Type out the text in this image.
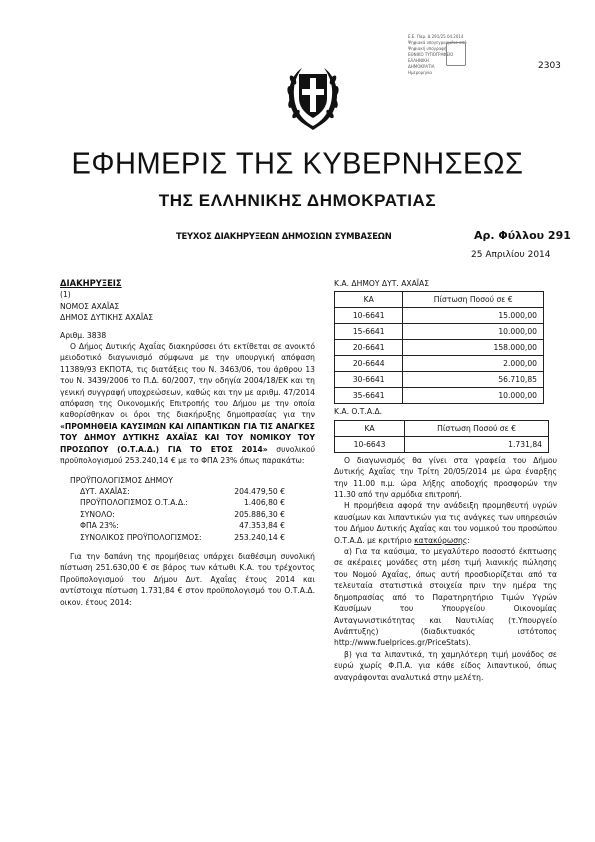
Ε.Ε. Παρ. Δ 291/25.04.2014
Ψηφιακά υπογεγραμμένο από
Ψηφιακή υπογραφή
ΕΘΝΙΚΟ ΤΥΠΟΓΡΑΦΕΙΟ
ΕΛΛΗΝΙΚΗ
ΔΗΜΟΚΡΑΤΙΑ
Ημερομηνία
2303
ΕΦΗΜΕΡΙΣ ΤΗΣ ΚΥΒΕΡΝΗΣΕΩΣ
ΤΗΣ ΕΛΛΗΝΙΚΗΣ ΔΗΜΟΚΡΑΤΙΑΣ
ΤΕΥΧΟΣ ΔΙΑΚΗΡΥΞΕΩΝ ΔΗΜΟΣΙΩΝ ΣΥΜΒΑΣΕΩΝ	Αρ. Φύλλου 291
25 Απριλίου 2014

ΔΙΑΚΗΡΥΞΕΙΣ

(1)

ΝΟΜΟΣ ΑΧΑΪΑΣ

ΔΗΜΟΣ ΔΥΤΙΚΗΣ ΑΧΑΪΑΣ

Αριθμ. 3838

Ο Δήμος Δυτικής Αχαΐας διακηρύσσει ότι εκτίθεται σε ανοικτό μειοδοτικό διαγωνισμό σύμφωνα με την υπουργική απόφαση 11389/93 ΕΚΠΟΤΑ, τις διατάξεις του Ν. 3463/06, του άρθρου 13 του Ν. 3439/2006 το Π.Δ. 60/2007, την οδηγία 2004/18/ΕΚ και τη γενική συγγραφή υποχρεώσεων, καθώς και την με αριθμ. 47/2014 απόφαση της Οικονομικής Επιτροπής του Δήμου με την οποία καθορίσθηκαν οι όροι της διακήρυξης δημοπρασίας για την «ΠΡΟΜΗΘΕΙΑ ΚΑΥΣΙΜΩΝ ΚΑΙ ΛΙΠΑΝΤΙΚΩΝ ΓΙΑ ΤΙΣ ΑΝΑΓΚΕΣ ΤΟΥ ΔΗΜΟΥ ΔΥΤΙΚΗΣ ΑΧΑΪΑΣ ΚΑΙ ΤΟΥ ΝΟΜΙΚΟΥ ΤΟΥ ΠΡΟΣΩΠΟΥ (Ο.Τ.Α.Δ.) ΓΙΑ ΤΟ ΕΤΟΣ 2014» συνολικού προϋπολογισμού 253.240,14 € με το ΦΠΑ 23% όπως παρακάτω:

ΠΡΟΫΠΟΛΟΓΙΣΜΟΣ ΔΗΜΟΥ

ΔΥΤ. ΑΧΑΪΑΣ:	204.479,50 €
ΠΡΟΫΠΟΛΟΓΙΣΜΟΣ Ο.Τ.Α.Δ.:	1.406,80 €
ΣΥΝΟΛΟ:	205.886,30 €
ΦΠΑ 23%:	47.353,84 €
ΣΥΝΟΛΙΚΟΣ ΠΡΟΫΠΟΛΟΓΙΣΜΟΣ:	253.240,14 €

Για την δαπάνη της προμήθειας υπάρχει διαθέσιμη συνολική πίστωση 251.630,00 € σε βάρος των κάτωθι Κ.Α. του τρέχοντος Προϋπολογισμού του Δήμου Δυτ. Αχαΐας έτους 2014 και αντίστοιχα πίστωση 1.731,84 € στον προϋπολογισμό του Ο.Τ.Α.Δ. οικον. έτους 2014:

Κ.Α. ΔΗΜΟΥ ΔΥΤ. ΑΧΑΪΑΣ

ΚΑ	Πίστωση Ποσού σε €
10-6641	15.000,00
15-6641	10.000,00
20-6641	158.000,00
20-6644	2.000,00
30-6641	56.710,85
35-6641	10.000,00

Κ.Α. Ο.Τ.Α.Δ.

ΚΑ	Πίστωση Ποσού σε €
10-6643	1.731,84

Ο διαγωνισμός θα γίνει στα γραφεία του Δήμου Δυτικής Αχαΐας την Τρίτη 20/05/2014 με ώρα έναρξης την 11.00 π.μ. ώρα λήξης αποδοχής προσφορών την 11.30 από την αρμόδια επιτροπή.

Η προμήθεια αφορά την ανάδειξη προμηθευτή υγρών καυσίμων και λιπαντικών για τις ανάγκες των υπηρεσιών του Δήμου Δυτικής Αχαΐας και του νομικού του προσώπου Ο.Τ.Α.Δ. με κριτήριο κατακύρωσης:

α) Για τα καύσιμα, το μεγαλύτερο ποσοστό έκπτωσης σε ακέραιες μονάδες στη μέση τιμή λιανικής πώλησης του Νομού Αχαΐας, όπως αυτή προσδιορίζεται από τα τελευταία στατιστικά στοιχεία πριν την ημέρα της δημοπρασίας από το Παρατηρητήριο Τιμών Υγρών Καυσίμων του Υπουργείου Οικονομίας Ανταγωνιστικότητας και Ναυτιλίας (τ.Υπουργείο Ανάπτυξης) (διαδικτυακός ιστότοπος http://www.fuelprices.gr/PriceStats).

β) για τα λιπαντικά, τη χαμηλότερη τιμή μονάδος σε ευρώ χωρίς Φ.Π.Α. για κάθε είδος λιπαντικού, όπως αναγράφονται αναλυτικά στην μελέτη.
